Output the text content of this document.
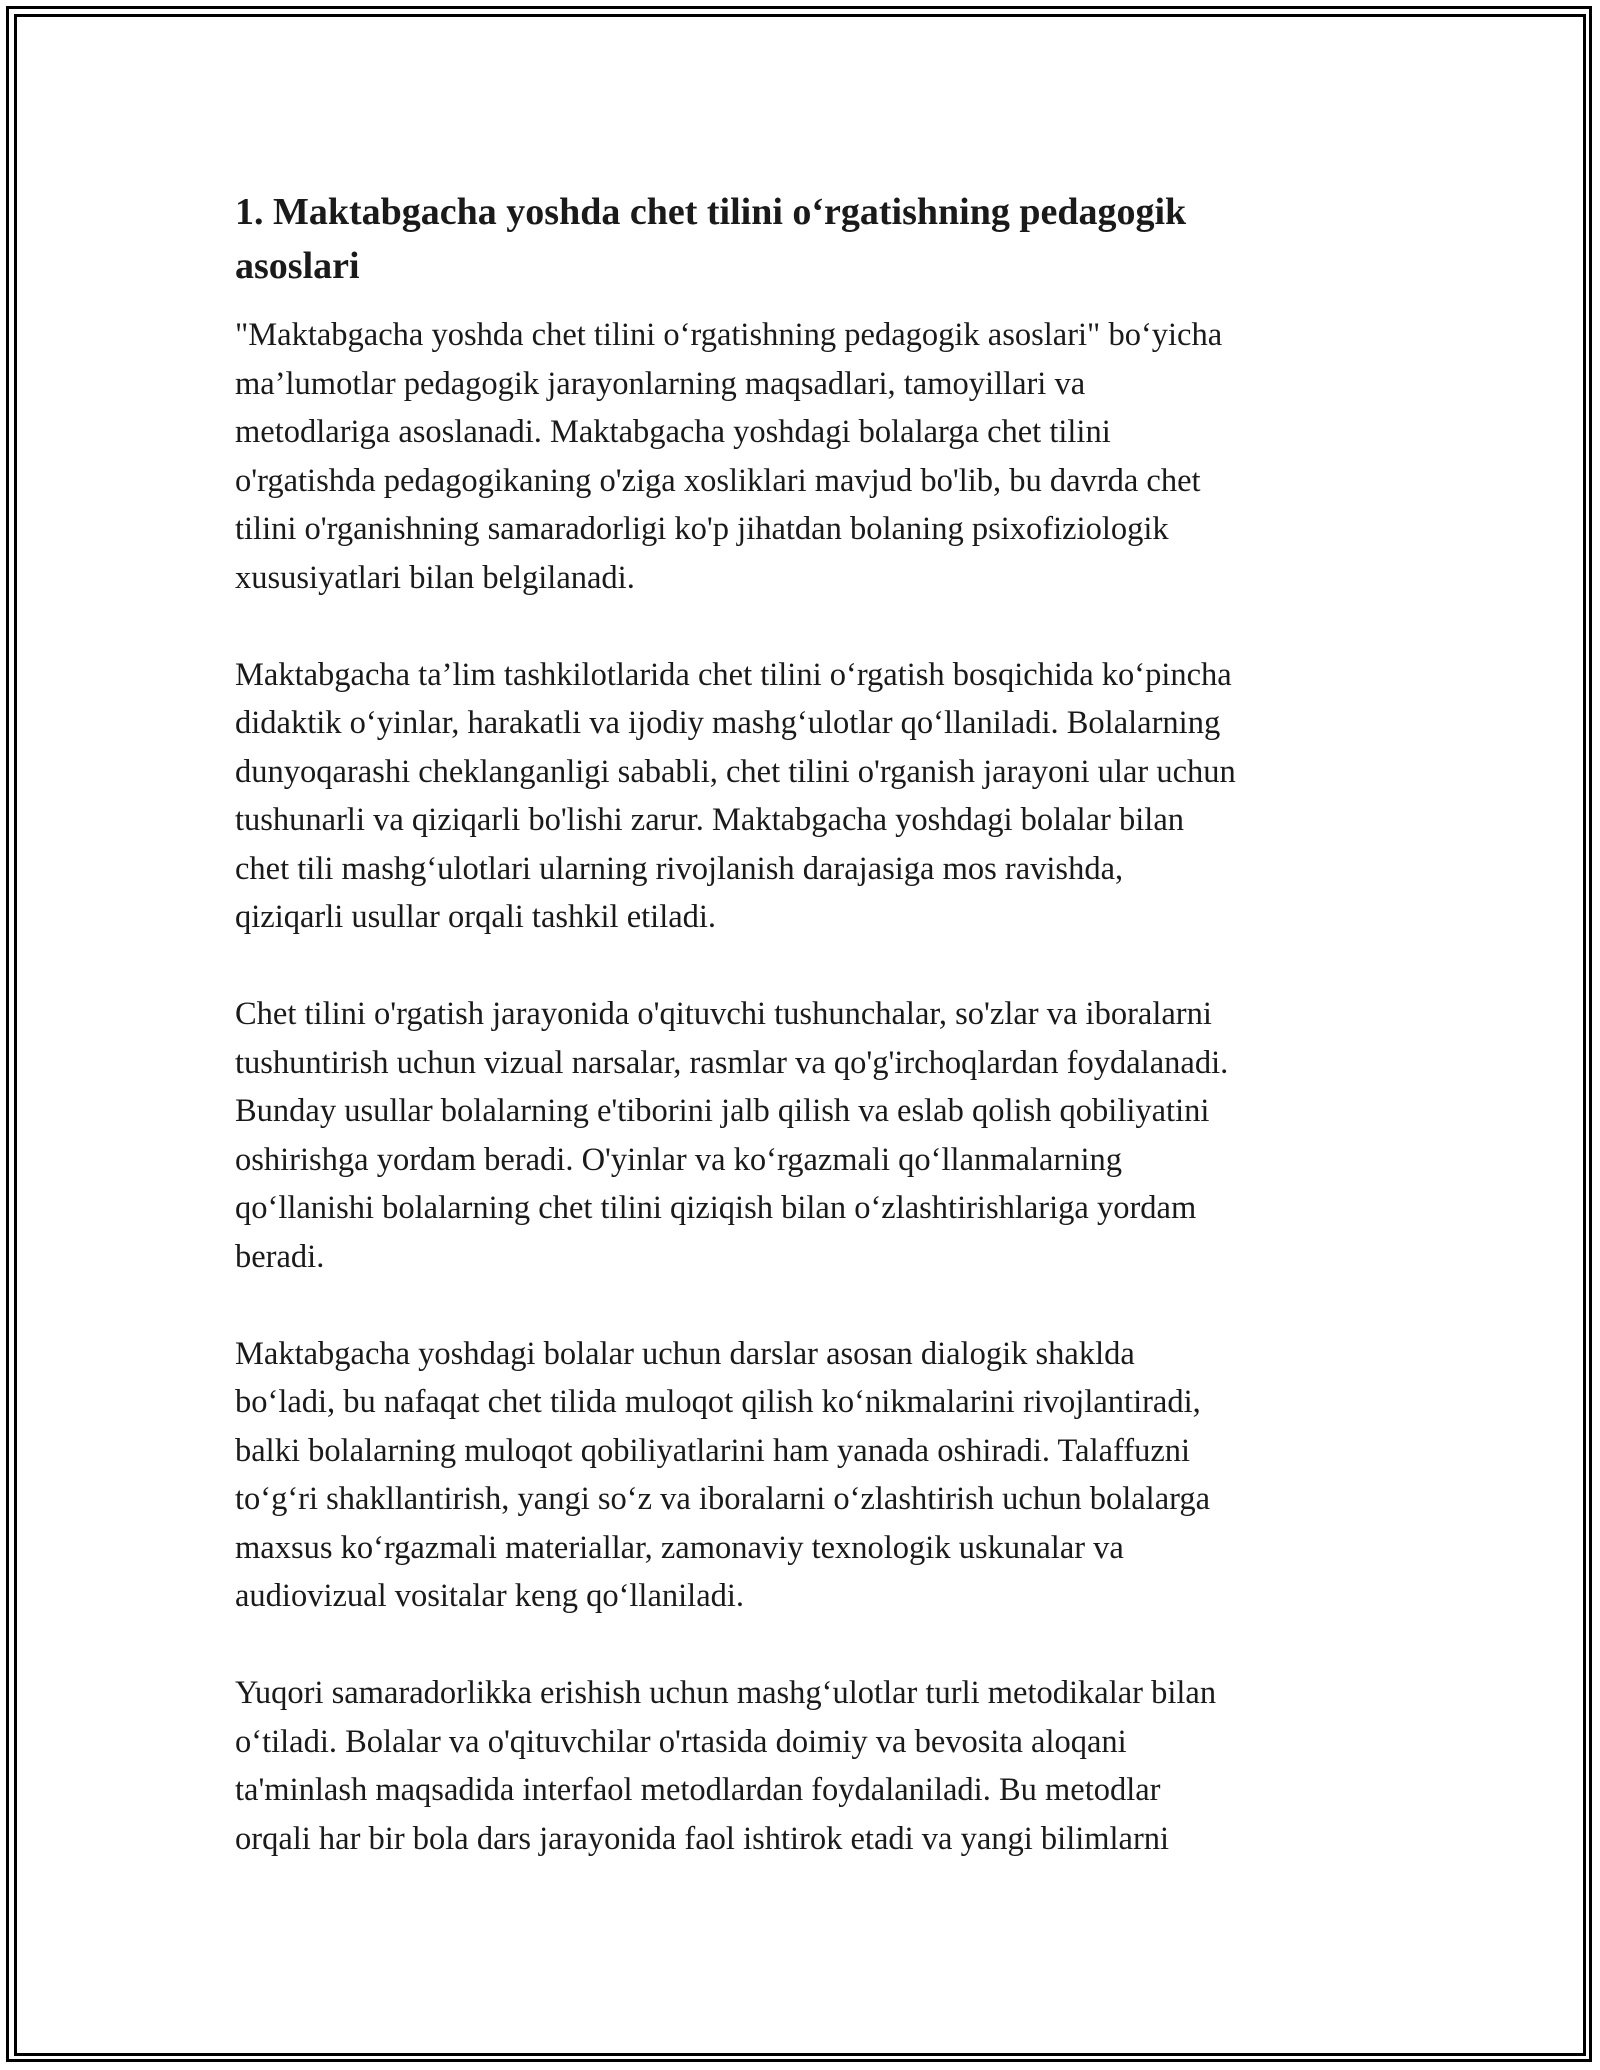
1. Maktabgacha yoshda chet tilini o‘rgatishning pedagogik
asoslari

"Maktabgacha yoshda chet tilini o‘rgatishning pedagogik asoslari" bo‘yicha
ma’lumotlar pedagogik jarayonlarning maqsadlari, tamoyillari va
metodlariga asoslanadi. Maktabgacha yoshdagi bolalarga chet tilini
o'rgatishda pedagogikaning o'ziga xosliklari mavjud bo'lib, bu davrda chet
tilini o'rganishning samaradorligi ko'p jihatdan bolaning psixofiziologik
xususiyatlari bilan belgilanadi.

Maktabgacha ta’lim tashkilotlarida chet tilini o‘rgatish bosqichida ko‘pincha
didaktik o‘yinlar, harakatli va ijodiy mashg‘ulotlar qo‘llaniladi. Bolalarning
dunyoqarashi cheklanganligi sababli, chet tilini o'rganish jarayoni ular uchun
tushunarli va qiziqarli bo'lishi zarur. Maktabgacha yoshdagi bolalar bilan
chet tili mashg‘ulotlari ularning rivojlanish darajasiga mos ravishda,
qiziqarli usullar orqali tashkil etiladi.

Chet tilini o'rgatish jarayonida o'qituvchi tushunchalar, so'zlar va iboralarni
tushuntirish uchun vizual narsalar, rasmlar va qo'g'irchoqlardan foydalanadi.
Bunday usullar bolalarning e'tiborini jalb qilish va eslab qolish qobiliyatini
oshirishga yordam beradi. O'yinlar va ko‘rgazmali qo‘llanmalarning
qo‘llanishi bolalarning chet tilini qiziqish bilan o‘zlashtirishlariga yordam
beradi.

Maktabgacha yoshdagi bolalar uchun darslar asosan dialogik shaklda
bo‘ladi, bu nafaqat chet tilida muloqot qilish ko‘nikmalarini rivojlantiradi,
balki bolalarning muloqot qobiliyatlarini ham yanada oshiradi. Talaffuzni
to‘g‘ri shakllantirish, yangi so‘z va iboralarni o‘zlashtirish uchun bolalarga
maxsus ko‘rgazmali materiallar, zamonaviy texnologik uskunalar va
audiovizual vositalar keng qo‘llaniladi.

Yuqori samaradorlikka erishish uchun mashg‘ulotlar turli metodikalar bilan
o‘tiladi. Bolalar va o'qituvchilar o'rtasida doimiy va bevosita aloqani
ta'minlash maqsadida interfaol metodlardan foydalaniladi. Bu metodlar
orqali har bir bola dars jarayonida faol ishtirok etadi va yangi bilimlarni
